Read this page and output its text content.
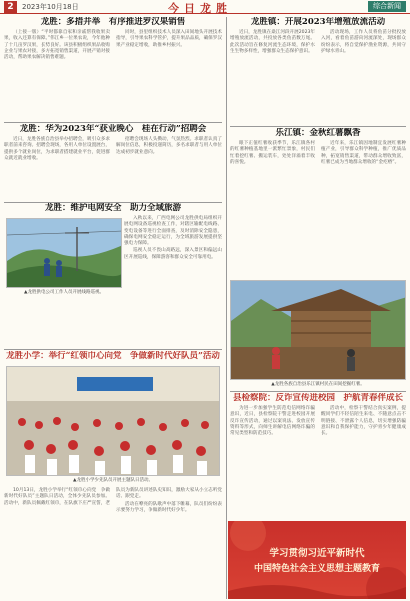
2	2023年10月18日	今日龙胜	综合新闻
龙胜：多措并举　有序推进罗汉果销售

（上接一版）“平时都靠自家和亲戚帮我收果卖果，收入还算有保障。”伟江乡一位果农说，今年他种了十几亩罗汉果，长势良好。该县积极组织果品收购企业与果农对接，多方拓宽销售渠道，开展产销对接活动，帮助果农解决销售难题。

同时，县里组织技术人员深入田间地头开展技术指导，引导果农科学管护，提升果品品质，确保罗汉果产业稳定增收，助推乡村振兴。

龙胜：华为2023年“获业晚心　桂在行动”招聘会

近日，龙胜各族自治县举办招聘会，吸引众多求职者前来咨询。招聘会现场，各用人单位设置展台，提供多个就业岗位，为求职者搭建就业平台，促进群众就近就业增收。

招聘会现场人头攒动，气氛热烈。求职者认真了解岗位信息，积极投递简历，多名求职者与用人单位达成初步就业意向。

龙胜：维护电网安全　助力全域旅游

入秋以来，广西电网公司龙胜供电局组织开展电网设备巡视检查工作，对辖区输配电线路、变电设备等进行全面排查，及时消除安全隐患，确保电网安全稳定运行，为全域旅游发展提供坚强电力保障。

巡视人员不畏山高路远，深入景区和偏远山区开展巡线，保障游客和群众安全可靠用电。

▲龙胜供电公司工作人员开展线路巡视。
龙胜小学：举行“红领巾心向党　争做新时代好队员”活动
▲龙胜小学少先队员开展主题队日活动。

10月13日，龙胜小学举行“红领巾心向党　争做新时代好队员”主题队日活动，全体少先队员参加。活动中，新队员佩戴红领巾，在队旗下庄严宣誓，老队员为新队员讲述队史知识，激励大家从小立志听党话、跟党走。

活动在嘹亮的队歌声中落下帷幕，队员们纷纷表示要努力学习，争做新时代好少年。

龙胜镇：开展2023年增殖放流活动

近日，龙胜镇在桑江河段开展2023年增殖放流活动，共投放各类鱼苗数万尾。此次活动旨在修复河流生态环境，保护水生生物多样性，增强群众生态保护意识。

活动现场，工作人员将鱼苗分批投放入河，看着鱼苗游向河流深处，现场群众纷纷表示，将自觉保护渔业资源，共同守护绿水青山。

乐江镇：金秋红薯飘香

眼下正值红薯收获季节，乐江镇各村的红薯种植基地里一派繁忙景象，村民们忙着挖红薯、搬运装车，处处洋溢着丰收的喜悦。

近年来，乐江镇因地制宜发展红薯种植产业，引导群众科学种植，推广优质品种，拓宽销售渠道，带动群众增收致富，红薯已成为当地群众增收的“金疙瘩”。

▲龙胜各族自治县乐江镇村民在田间挖掘红薯。
县检察院：反诈宣传进校园　护航青春伴成长

为进一步加强学生防范电信网络诈骗意识，近日，县检察院干警走进校园开展反诈宣传活动，通过以案说法、发放宣传资料等形式，向师生讲解电信网络诈骗的常见类型和防范技巧。

活动中，检察干警结合真实案例，提醒同学们不轻信陌生来电、不随意点击不明链接、不泄露个人信息，切实增强防骗意识和自我保护能力，守护青少年健康成长。

学习贯彻习近平新时代
中国特色社会主义思想主题教育
